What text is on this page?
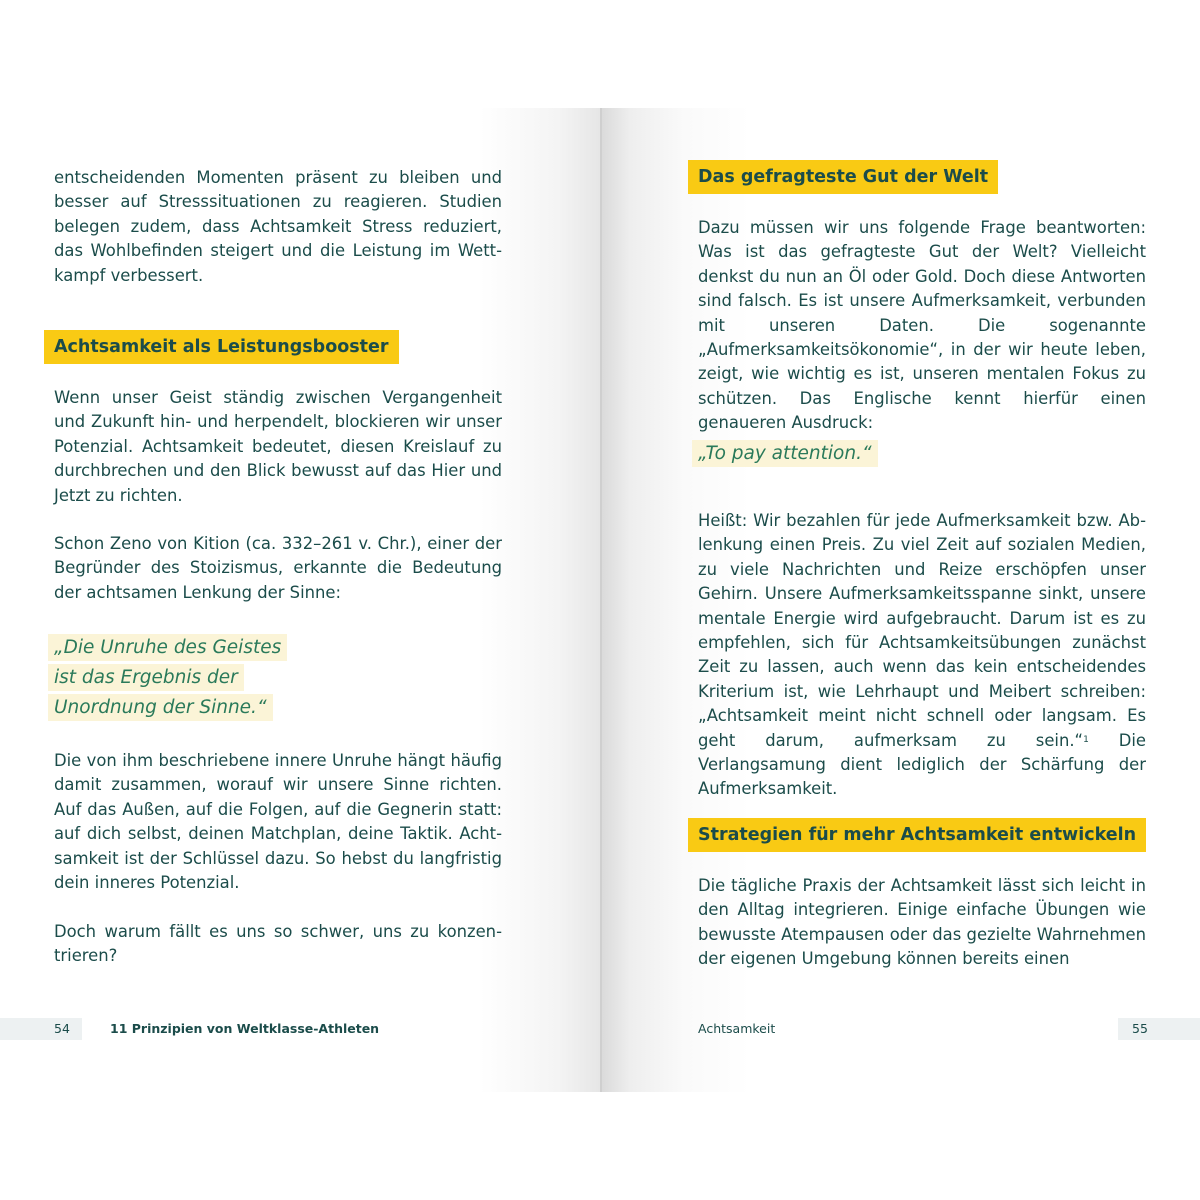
entscheidenden Momenten präsent zu bleiben und besser auf Stresssituationen zu reagieren. Studien belegen zudem, dass Achtsamkeit Stress reduziert, das Wohlbefinden steigert und die Leistung im Wettkampf verbessert.

Achtsamkeit als Leistungsbooster

Wenn unser Geist ständig zwischen Vergangenheit und Zukunft hin- und herpendelt, blockieren wir unser Potenzial. Achtsamkeit bedeutet, diesen Kreislauf zu durchbrechen und den Blick bewusst auf das Hier und Jetzt zu richten.

Schon Zeno von Kition (ca. 332–261 v. Chr.), einer der Begründer des Stoizismus, erkannte die Bedeutung der achtsamen Lenkung der Sinne:

„Die Unruhe des Geistes
ist das Ergebnis der
Unordnung der Sinne.“

Die von ihm beschriebene innere Unruhe hängt häufig damit zusammen, worauf wir unsere Sinne richten. Auf das Außen, auf die Folgen, auf die Gegnerin statt: auf dich selbst, deinen Matchplan, deine Taktik. Achtsamkeit ist der Schlüssel dazu. So hebst du langfristig dein inneres Potenzial.

Doch warum fällt es uns so schwer, uns zu konzentrieren?

54	11 Prinzipien von Weltklasse-Athleten
Das gefragteste Gut der Welt

Dazu müssen wir uns folgende Frage beantworten: Was ist das gefragteste Gut der Welt? Vielleicht denkst du nun an Öl oder Gold. Doch diese Antworten sind falsch. Es ist unsere Aufmerksamkeit, verbunden mit unseren Daten. Die sogenannte „Aufmerksamkeitsökonomie“, in der wir heute leben, zeigt, wie wichtig es ist, unseren mentalen Fokus zu schützen. Das Englische kennt hierfür einen genaueren Ausdruck:

„To pay attention.“

Heißt: Wir bezahlen für jede Aufmerksamkeit bzw. Ablenkung einen Preis. Zu viel Zeit auf sozialen Medien, zu viele Nachrichten und Reize erschöpfen unser Gehirn. Unsere Aufmerksamkeitsspanne sinkt, unsere mentale Energie wird aufgebraucht. Darum ist es zu empfehlen, sich für Achtsamkeitsübungen zunächst Zeit zu lassen, auch wenn das kein entscheidendes Kriterium ist, wie Lehrhaupt und Meibert schreiben: „Achtsamkeit meint nicht schnell oder langsam. Es geht darum, aufmerksam zu sein.“$^1$ Die Verlangsamung dient lediglich der Schärfung der Aufmerksamkeit.

Strategien für mehr Achtsamkeit entwickeln

Die tägliche Praxis der Achtsamkeit lässt sich leicht in den Alltag integrieren. Einige einfache Übungen wie bewusste Atempausen oder das gezielte Wahrnehmen der eigenen Umgebung können bereits einen

Achtsamkeit	55
